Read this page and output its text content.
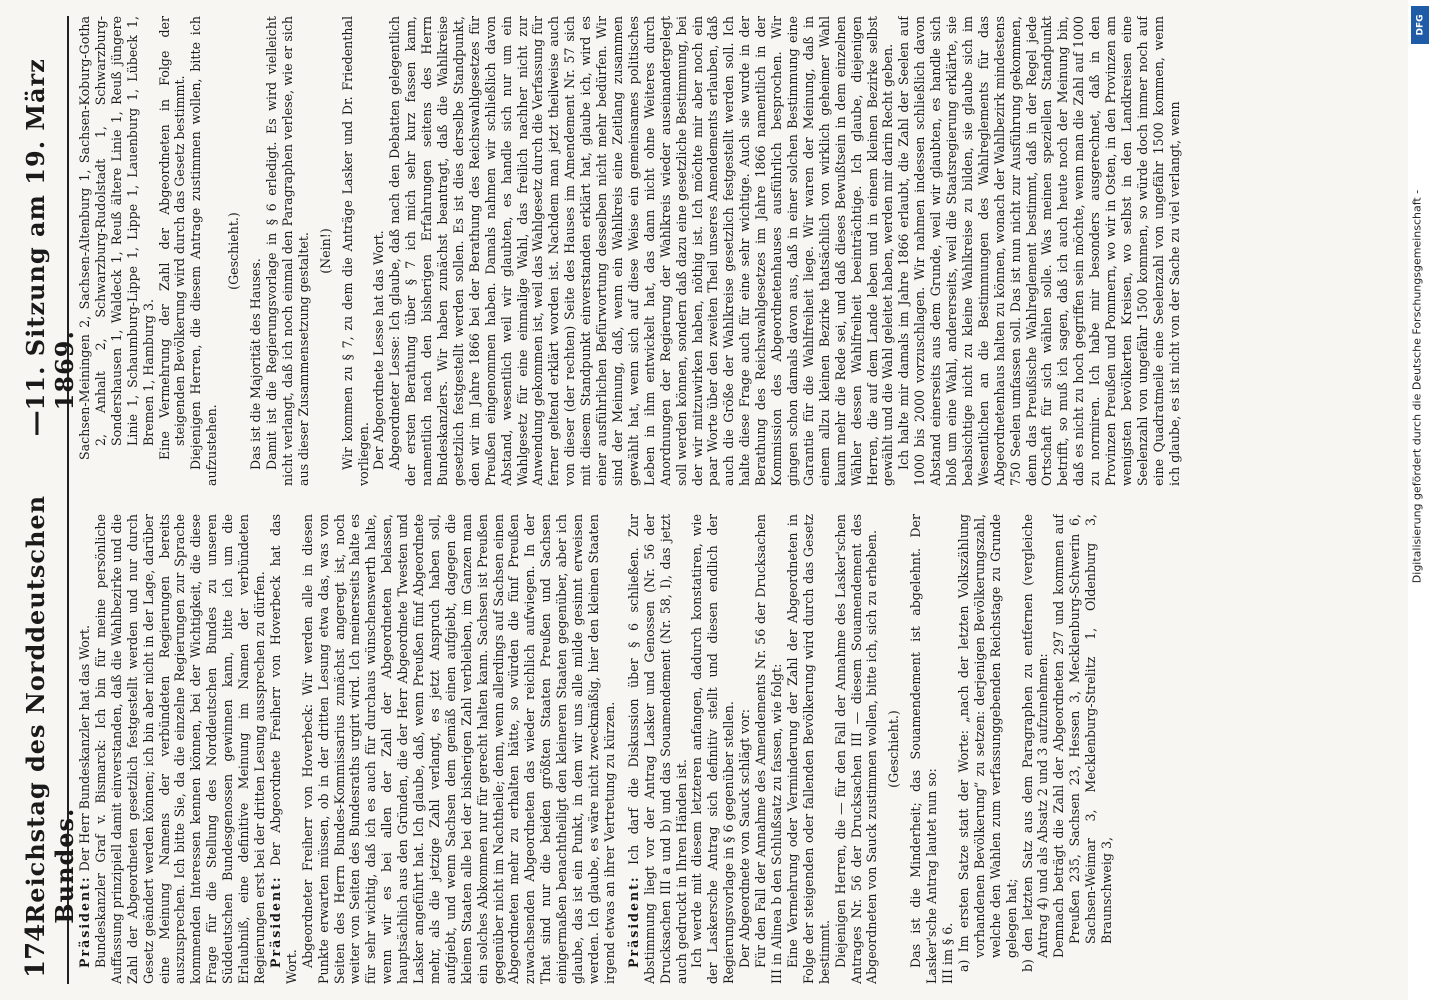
174
Reichstag des Norddeutschen Bundes.
—
11. Sitzung am 19. März 1869.

Präsident: Der Herr Bundeskanzler hat das Wort. Bundeskanzler Graf v. Bismarck: Ich bin für meine persönliche Auffassung prinzipiell damit einverstanden, daß die Wahlbezirke und die Zahl der Abgeordneten gesetzlich festgestellt werden und nur durch Gesetz geändert werden können; ich bin aber nicht in der Lage, darüber eine Meinung Namens der verbündeten Regierungen bereits auszusprechen. Ich bitte Sie, da die einzelne Regierungen zur Sprache kommenden Interessen kennen können, bei der Wichtigkeit, die diese Frage für die Stellung des Norddeutschen Bundes zu unseren Süddeutschen Bundesgenossen gewinnen kann, bitte ich um die Erlaubniß, eine definitive Meinung im Namen der verbündeten Regierungen erst bei der dritten Lesung aussprechen zu dürfen. Präsident: Der Abgeordnete Freiherr von Hoverbeck hat das Wort. Abgeordneter Freiherr von Hoverbeck: Wir werden alle in diesen Punkte erwarten müssen, ob in der dritten Lesung etwa das, was von Seiten des Herrn Bundes-Kommissarius zunächst angeregt ist, noch weiter von Seiten des Bundesraths urgirt wird. Ich meinerseits halte es für sehr wichtig, daß ich es auch für durchaus wünschenswerth halte, wenn wir es bei allen der Zahl der Abgeordneten belassen, hauptsächlich aus den Gründen, die der Herr Abgeordnete Twesten und Lasker angeführt hat. Ich glaube, daß, wenn Preußen fünf Abgeordnete mehr, als die jetzige Zahl verlangt, es jetzt Anspruch haben soll, aufgiebt, und wenn Sachsen dem gemäß einen aufgiebt, dagegen die kleinen Staaten alle bei der bisherigen Zahl verbleiben, im Ganzen man ein solches Abkommen nur für gerecht halten kann. Sachsen ist Preußen gegenüber nicht im Nachtheile; denn, wenn allerdings auf Sachsen einen Abgeordneten mehr zu erhalten hätte, so würden die fünf Preußen zuwachsenden Abgeordneten das wieder reichlich aufwiegen. In der That sind nur die beiden größten Staaten Preußen und Sachsen einigermaßen benachtheiligt den kleineren Staaten gegenüber, aber ich glaube, das ist ein Punkt, in dem wir uns alle milde gesinnt erweisen werden. Ich glaube, es wäre nicht zweckmäßig, hier den kleinen Staaten irgend etwas an ihrer Vertretung zu kürzen. Präsident: Ich darf die Diskussion über § 6 schließen. Zur Abstimmung liegt vor der Antrag Lasker und Genossen (Nr. 56 der Drucksachen III a und b) und das Souamendement (Nr. 58, I), das jetzt auch gedruckt in Ihren Händen ist. Ich werde mit diesem letzteren anfangen, dadurch konstatiren, wie der Laskersche Antrag sich definitiv stellt und diesen endlich der Regierungsvorlage in § 6 gegenüber stellen. Der Abgeordnete von Sauck schlägt vor: Für den Fall der Annahme des Amendements Nr. 56 der Drucksachen III in Alinea b den Schlußsatz zu fassen, wie folgt: Eine Vermehrung oder Verminderung der Zahl der Abgeordneten in Folge der steigenden oder fallenden Bevölkerung wird durch das Gesetz bestimmt. Diejenigen Herren, die — für den Fall der Annahme des Lasker'schen Antrages Nr. 56 der Drucksachen III — diesem Souamendement des Abgeordneten von Sauck zustimmen wollen, bitte ich, sich zu erheben. (Geschieht.) Das ist die Minderheit; das Souamendement ist abgelehnt. Der Lasker'sche Antrag lautet nun so: III im § 6. a) Im ersten Satze statt der Worte: „nach der letzten Volkszählung vorhandenen Bevölkerung“ zu setzen: derjenigen Bevölkerungszahl, welche den Wahlen zum verfassunggebenden Reichstage zu Grunde gelegen hat; b) den letzten Satz aus dem Paragraphen zu entfernen (vergleiche Antrag 4) und als Absatz 2 und 3 aufzunehmen: Demnach beträgt die Zahl der Abgeordneten 297 und kommen auf Preußen 235, Sachsen 23, Hessen 3, Mecklenburg-Schwerin 6, Sachsen-Weimar 3, Mecklenburg-Strelitz 1, Oldenburg 3, Braunschweig 3,

Sachsen-Meiningen 2, Sachsen-Altenburg 1, Sachsen-Koburg-Gotha 2, Anhalt 2, Schwarzburg-Rudolstadt 1, Schwarzburg-Sondershausen 1, Waldeck 1, Reuß ältere Linie 1, Reuß jüngere Linie 1, Schaumburg-Lippe 1, Lippe 1, Lauenburg 1, Lübeck 1, Bremen 1, Hamburg 3. Eine Vermehrung der Zahl der Abgeordneten in Folge der steigenden Bevölkerung wird durch das Gesetz bestimmt. Diejenigen Herren, die diesem Antrage zustimmen wollen, bitte ich aufzustehen.

(Geschieht.)

Das ist die Majorität des Hauses. Damit ist die Regierungsvorlage in § 6 erledigt. Es wird vielleicht nicht verlangt, daß ich noch einmal den Paragraphen verlese, wie er sich aus dieser Zusammensetzung gestaltet. (Nein!) Wir kommen zu § 7, zu dem die Anträge Lasker und Dr. Friedenthal vorliegen. Der Abgeordnete Lesse hat das Wort. Abgeordneter Lesse: Ich glaube, daß nach den Debatten gelegentlich der ersten Berathung über § 7 ich mich sehr kurz fassen kann, namentlich nach den bisherigen Erfahrungen seitens des Herrn Bundeskanzlers. Wir haben zunächst beantragt, daß die Wahlkreise gesetzlich festgestellt werden sollen. Es ist dies derselbe Standpunkt, den wir im Jahre 1866 bei der Berathung des Reichswahlgesetzes für Preußen eingenommen haben. Damals nahmen wir schließlich davon Abstand, wesentlich weil wir glaubten, es handle sich nur um ein Wahlgesetz für eine einmalige Wahl, das freilich nachher nicht zur Anwendung gekommen ist, weil das Wahlgesetz durch die Verfassung für ferner geltend erklärt worden ist. Nachdem man jetzt theilweise auch von dieser (der rechten) Seite des Hauses im Amendement Nr. 57 sich mit diesem Standpunkt einverstanden erklärt hat, glaube ich, wird es einer ausführlichen Befürwortung desselben nicht mehr bedürfen. Wir sind der Meinung, daß, wenn ein Wahlkreis eine Zeitlang zusammen gewählt hat, wenn sich auf diese Weise ein gemeinsames politisches Leben in ihm entwickelt hat, das dann nicht ohne Weiteres durch Anordnungen der Regierung der Wahlkreis wieder auseinandergelegt soll werden können, sondern daß dazu eine gesetzliche Bestimmung, bei der wir mitzuwirken haben, nöthig ist. Ich möchte mir aber noch ein paar Worte über den zweiten Theil unseres Amendements erlauben, daß auch die Größe der Wahlkreise gesetzlich festgestellt werden soll. Ich halte diese Frage auch für eine sehr wichtige. Auch sie wurde in der Berathung des Reichswahlgesetzes im Jahre 1866 namentlich in der Kommission des Abgeordnetenhauses ausführlich besprochen. Wir gingen schon damals davon aus, daß in einer solchen Bestimmung eine Garantie für die Wahlfreiheit liege. Wir waren der Meinung, daß in einem allzu kleinen Bezirke thatsächlich von wirklich geheimer Wahl kaum mehr die Rede sei, und daß dieses Bewußtsein in dem einzelnen Wähler dessen Wahlfreiheit beeinträchtige. Ich glaube, diejenigen Herren, die auf dem Lande leben und in einem kleinen Bezirke selbst gewählt und die Wahl geleitet haben, werden mir darin Recht geben. Ich halte mir damals im Jahre 1866 erlaubt, die Zahl der Seelen auf 1000 bis 2000 vorzuschlagen. Wir nahmen indessen schließlich davon Abstand einerseits aus dem Grunde, weil wir glaubten, es handle sich bloß um eine Wahl, andererseits, weil die Staatsregierung erklärte, sie beabsichtige nicht zu kleine Wahlkreise zu bilden, sie glaube sich im Wesentlichen an die Bestimmungen des Wahlreglements für das Abgeordnetenhaus halten zu können, wonach der Wahlbezirk mindestens 750 Seelen umfassen soll. Das ist nun nicht zur Ausführung gekommen, denn das Preußische Wahlreglement bestimmt, daß in der Regel jede Ortschaft für sich wählen solle. Was meinen speziellen Standpunkt betrifft, so muß ich sagen, daß ich auch heute noch der Meinung bin, daß es nicht zu hoch gegriffen sein möchte, wenn man die Zahl auf 1000 zu normiren. Ich habe mir besonders ausgerechnet, daß in den Provinzen Preußen und Pommern, wo wir in Osten, in den Provinzen am wenigsten bevölkerten Kreisen, wo selbst in den Landkreisen eine Seelenzahl von ungefähr 1500 kommen, so würde doch immer noch auf eine Quadratmeile eine Seelenzahl von ungefähr 1500 kommen, wenn ich glaube, es ist nicht von der Sache zu viel verlangt, wenn

DFG
Digitalisierung gefördert durch die Deutsche Forschungsgemeinschaft -
